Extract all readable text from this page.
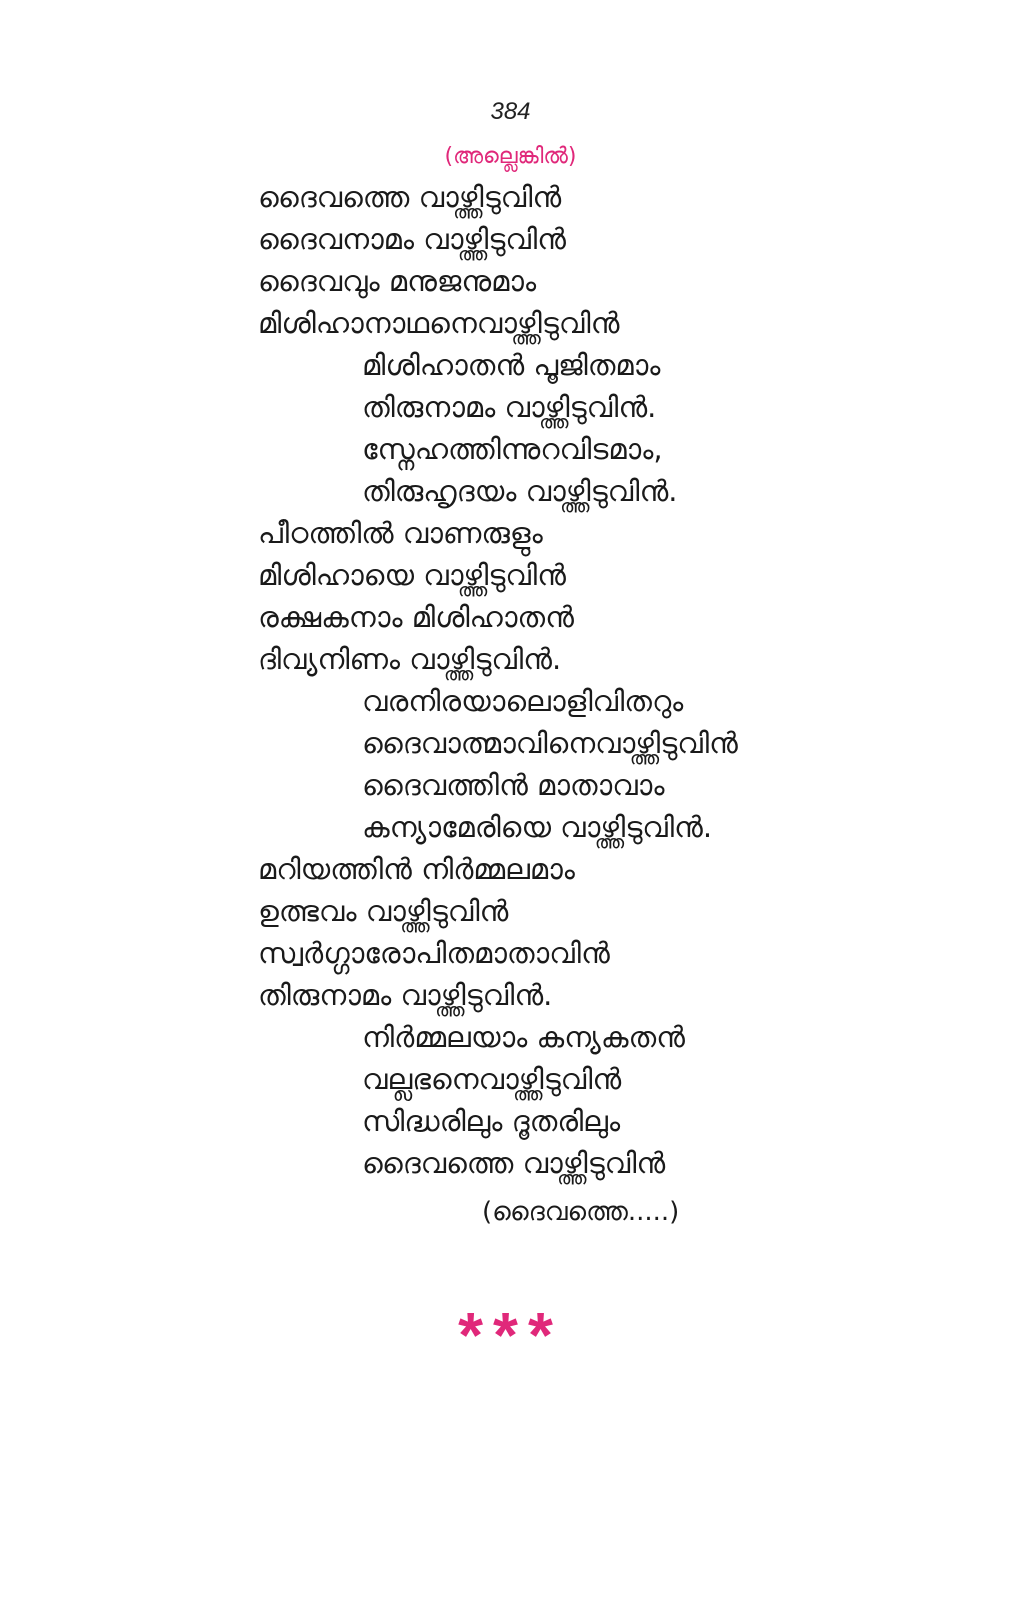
384
(അല്ലെങ്കിൽ)
ദൈവത്തെ വാഴ്ത്തിടുവിൻ
ദൈവനാമം വാഴ്ത്തിടുവിൻ
ദൈവവും മനുജനുമാം
മിശിഹാനാഥനെവാഴ്ത്തിടുവിൻ
മിശിഹാതൻ പൂജിതമാം
തിരുനാമം വാഴ്ത്തിടുവിൻ.
സ്നേഹത്തിന്നുറവിടമാം,
തിരുഹൃദയം വാഴ്ത്തിടുവിൻ.
പീഠത്തിൽ വാണരുളും
മിശിഹായെ വാഴ്ത്തിടുവിൻ
രക്ഷകനാം മിശിഹാതൻ
ദിവ്യനിണം വാഴ്ത്തിടുവിൻ.
വരനിരയാലൊളിവിതറും
ദൈവാത്മാവിനെവാഴ്ത്തിടുവിൻ
ദൈവത്തിൻ മാതാവാം
കന്യാമേരിയെ വാഴ്ത്തിടുവിൻ.
മറിയത്തിൻ നിർമ്മലമാം
ഉത്ഭവം വാഴ്ത്തിടുവിൻ
സ്വർഗ്ഗാരോപിതമാതാവിൻ
തിരുനാമം വാഴ്ത്തിടുവിൻ.
നിർമ്മലയാം കന്യകതൻ
വല്ലഭനെവാഴ്ത്തിടുവിൻ
സിദ്ധരിലും ദൂതരിലും
ദൈവത്തെ വാഴ്ത്തിടുവിൻ
(ദൈവത്തെ.....)
***
